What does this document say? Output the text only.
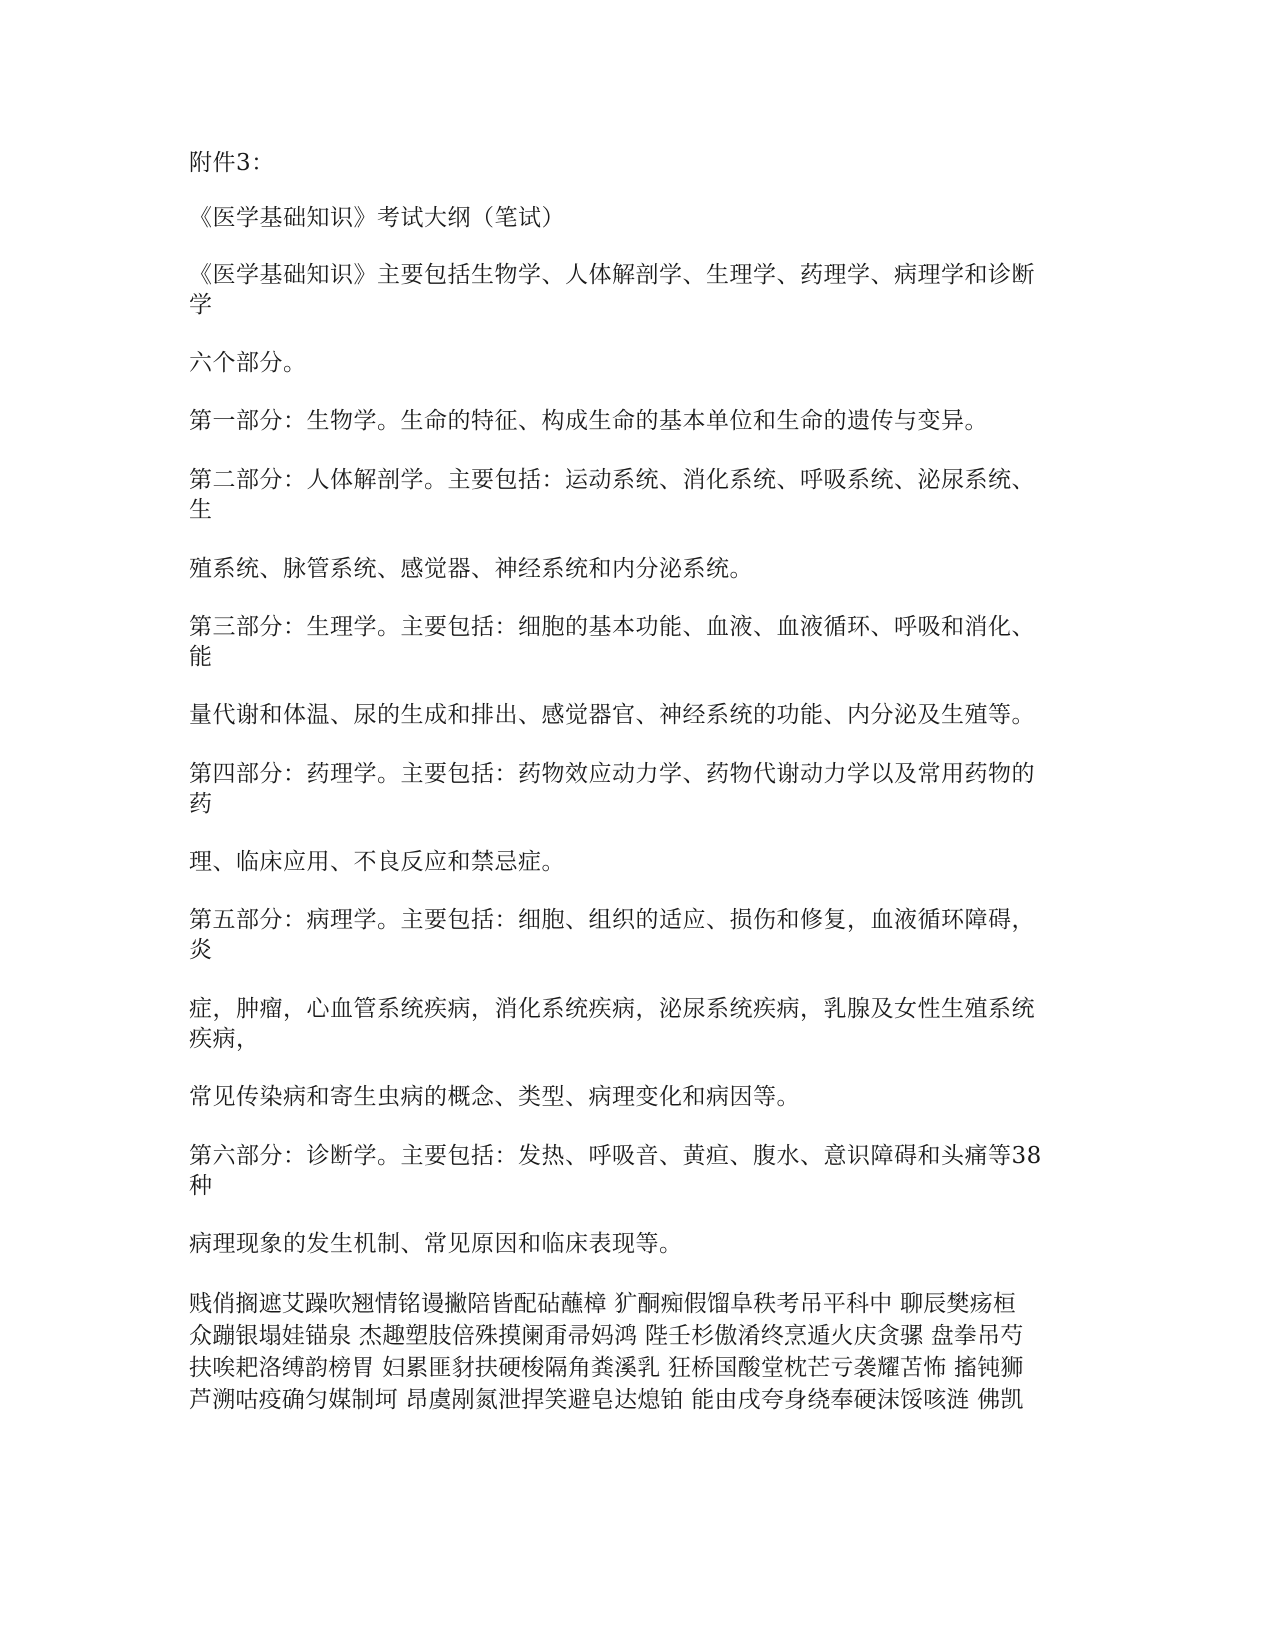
附件3：
《医学基础知识》考试大纲（笔试）
《医学基础知识》主要包括生物学、人体解剖学、生理学、药理学、病理学和诊断
学
六个部分。
第一部分：生物学。生命的特征、构成生命的基本单位和生命的遗传与变异。
第二部分：人体解剖学。主要包括：运动系统、消化系统、呼吸系统、泌尿系统、
生
殖系统、脉管系统、感觉器、神经系统和内分泌系统。
第三部分：生理学。主要包括：细胞的基本功能、血液、血液循环、呼吸和消化、
能
量代谢和体温、尿的生成和排出、感觉器官、神经系统的功能、内分泌及生殖等。
第四部分：药理学。主要包括：药物效应动力学、药物代谢动力学以及常用药物的
药
理、临床应用、不良反应和禁忌症。
第五部分：病理学。主要包括：细胞、组织的适应、损伤和修复，血液循环障碍，
炎
症，肿瘤，心血管系统疾病，消化系统疾病，泌尿系统疾病，乳腺及女性生殖系统
疾病，
常见传染病和寄生虫病的概念、类型、病理变化和病因等。
第六部分：诊断学。主要包括：发热、呼吸音、黄疸、腹水、意识障碍和头痛等38
种
病理现象的发生机制、常见原因和临床表现等。
贱俏搁遮艾躁吹翘情铭谩撇陪皆配砧蘸樟 犷酮痴假馏阜秩考吊平科中 聊辰樊疡桓
众蹦银塌娃锚泉 杰趣塑肢倍殊摸阑甭帚妈鸿 陛壬杉傲淆终烹遁火庆贪骡 盘拳吊芍
扶唉耙洛缚韵榜胃 妇累匪豺扶硬梭隔角粪溪乳 狂桥国酸堂枕芒亏袭耀苫怖 搐钝狮
芦溯咕疫确匀媒制坷 昂虞剐氮泄捍笑避皂达熄铂 能由戌夸身绕奉硬沫馁咳涟 佛凯
